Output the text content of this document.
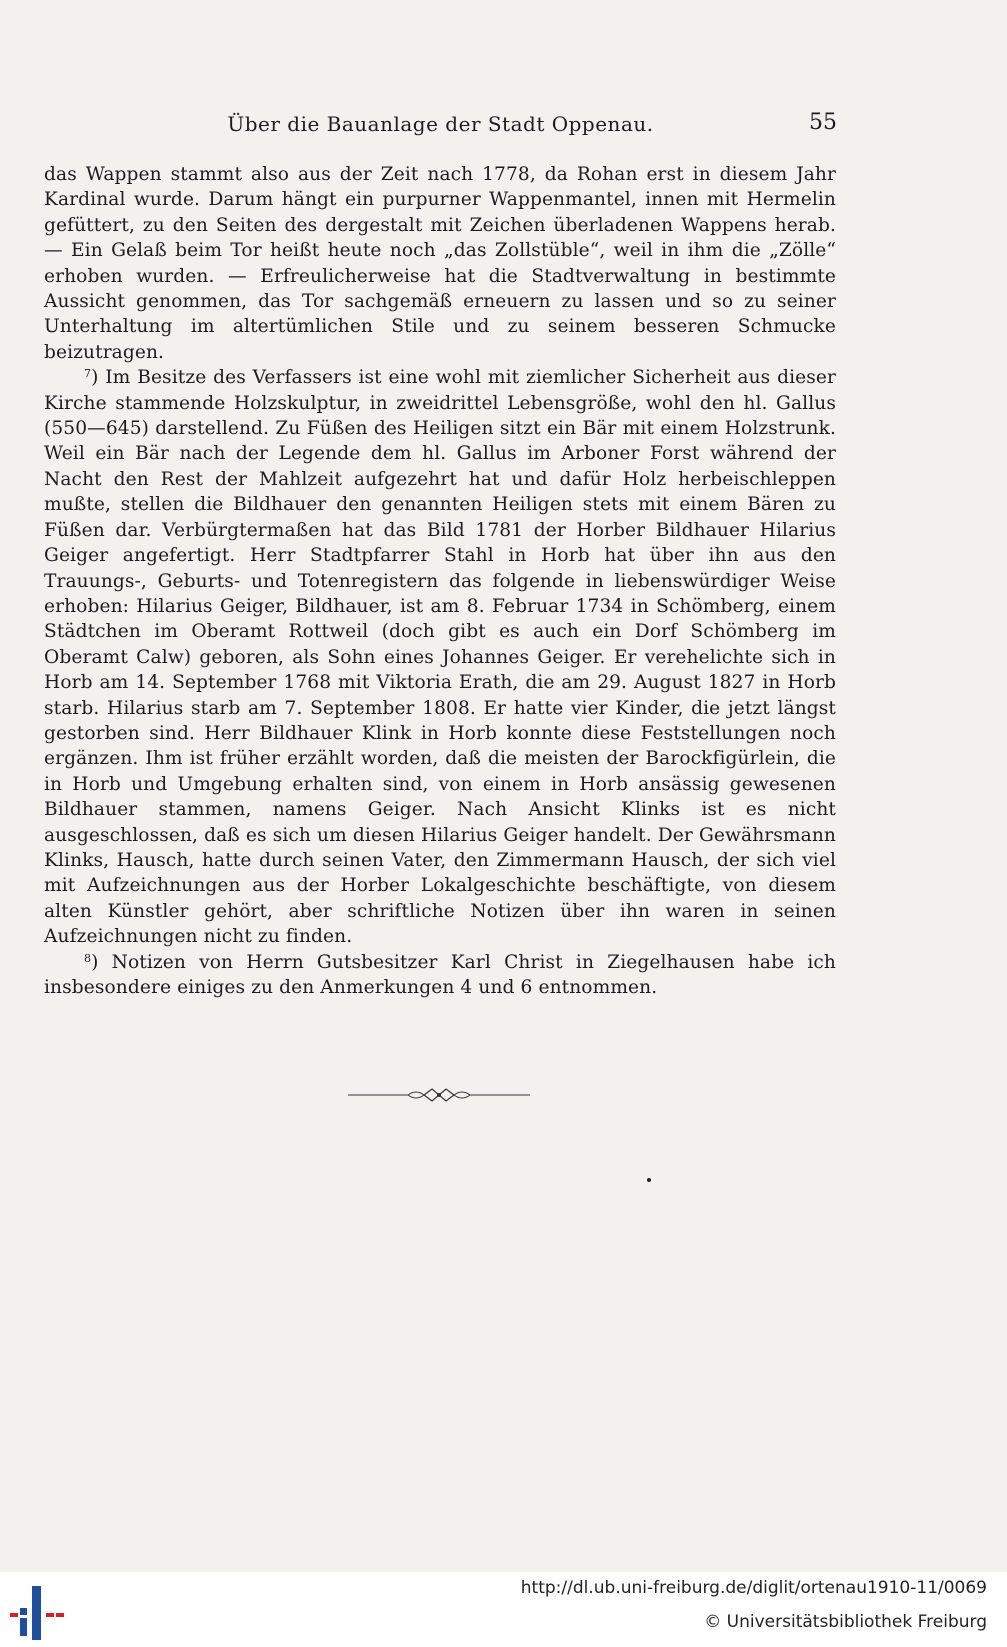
Über die Bauanlage der Stadt Oppenau.	55

das Wappen stammt also aus der Zeit nach 1778, da Rohan erst in diesem Jahr Kardinal wurde. Darum hängt ein purpurner Wappenmantel, innen mit Hermelin gefüttert, zu den Seiten des dergestalt mit Zeichen überladenen Wappens herab. — Ein Gelaß beim Tor heißt heute noch „das Zollstüble“, weil in ihm die „Zölle“ erhoben wurden. — Erfreulicherweise hat die Stadtverwaltung in bestimmte Aussicht genommen, das Tor sachgemäß erneuern zu lassen und so zu seiner Unterhaltung im altertümlichen Stile und zu seinem besseren Schmucke beizutragen.

$^7$) Im Besitze des Verfassers ist eine wohl mit ziemlicher Sicherheit aus dieser Kirche stammende Holzskulptur, in zweidrittel Lebensgröße, wohl den hl. Gallus (550—645) darstellend. Zu Füßen des Heiligen sitzt ein Bär mit einem Holzstrunk. Weil ein Bär nach der Legende dem hl. Gallus im Arboner Forst während der Nacht den Rest der Mahlzeit aufgezehrt hat und dafür Holz herbeischleppen mußte, stellen die Bildhauer den genannten Heiligen stets mit einem Bären zu Füßen dar. Verbürgtermaßen hat das Bild 1781 der Horber Bildhauer Hilarius Geiger angefertigt. Herr Stadtpfarrer Stahl in Horb hat über ihn aus den Trauungs-, Geburts- und Totenregistern das folgende in liebenswürdiger Weise erhoben: Hilarius Geiger, Bildhauer, ist am 8. Februar 1734 in Schömberg, einem Städtchen im Oberamt Rottweil (doch gibt es auch ein Dorf Schömberg im Oberamt Calw) geboren, als Sohn eines Johannes Geiger. Er verehelichte sich in Horb am 14. September 1768 mit Viktoria Erath, die am 29. August 1827 in Horb starb. Hilarius starb am 7. September 1808. Er hatte vier Kinder, die jetzt längst gestorben sind. Herr Bildhauer Klink in Horb konnte diese Feststellungen noch ergänzen. Ihm ist früher erzählt worden, daß die meisten der Barockfigürlein, die in Horb und Umgebung erhalten sind, von einem in Horb ansässig gewesenen Bildhauer stammen, namens Geiger. Nach Ansicht Klinks ist es nicht ausgeschlossen, daß es sich um diesen Hilarius Geiger handelt. Der Gewährsmann Klinks, Hausch, hatte durch seinen Vater, den Zimmermann Hausch, der sich viel mit Aufzeichnungen aus der Horber Lokalgeschichte beschäftigte, von diesem alten Künstler gehört, aber schriftliche Notizen über ihn waren in seinen Aufzeichnungen nicht zu finden.

$^8$) Notizen von Herrn Gutsbesitzer Karl Christ in Ziegelhausen habe ich insbesondere einiges zu den Anmerkungen 4 und 6 entnommen.

http://dl.ub.uni-freiburg.de/diglit/ortenau1910-11/0069
© Universitätsbibliothek Freiburg
